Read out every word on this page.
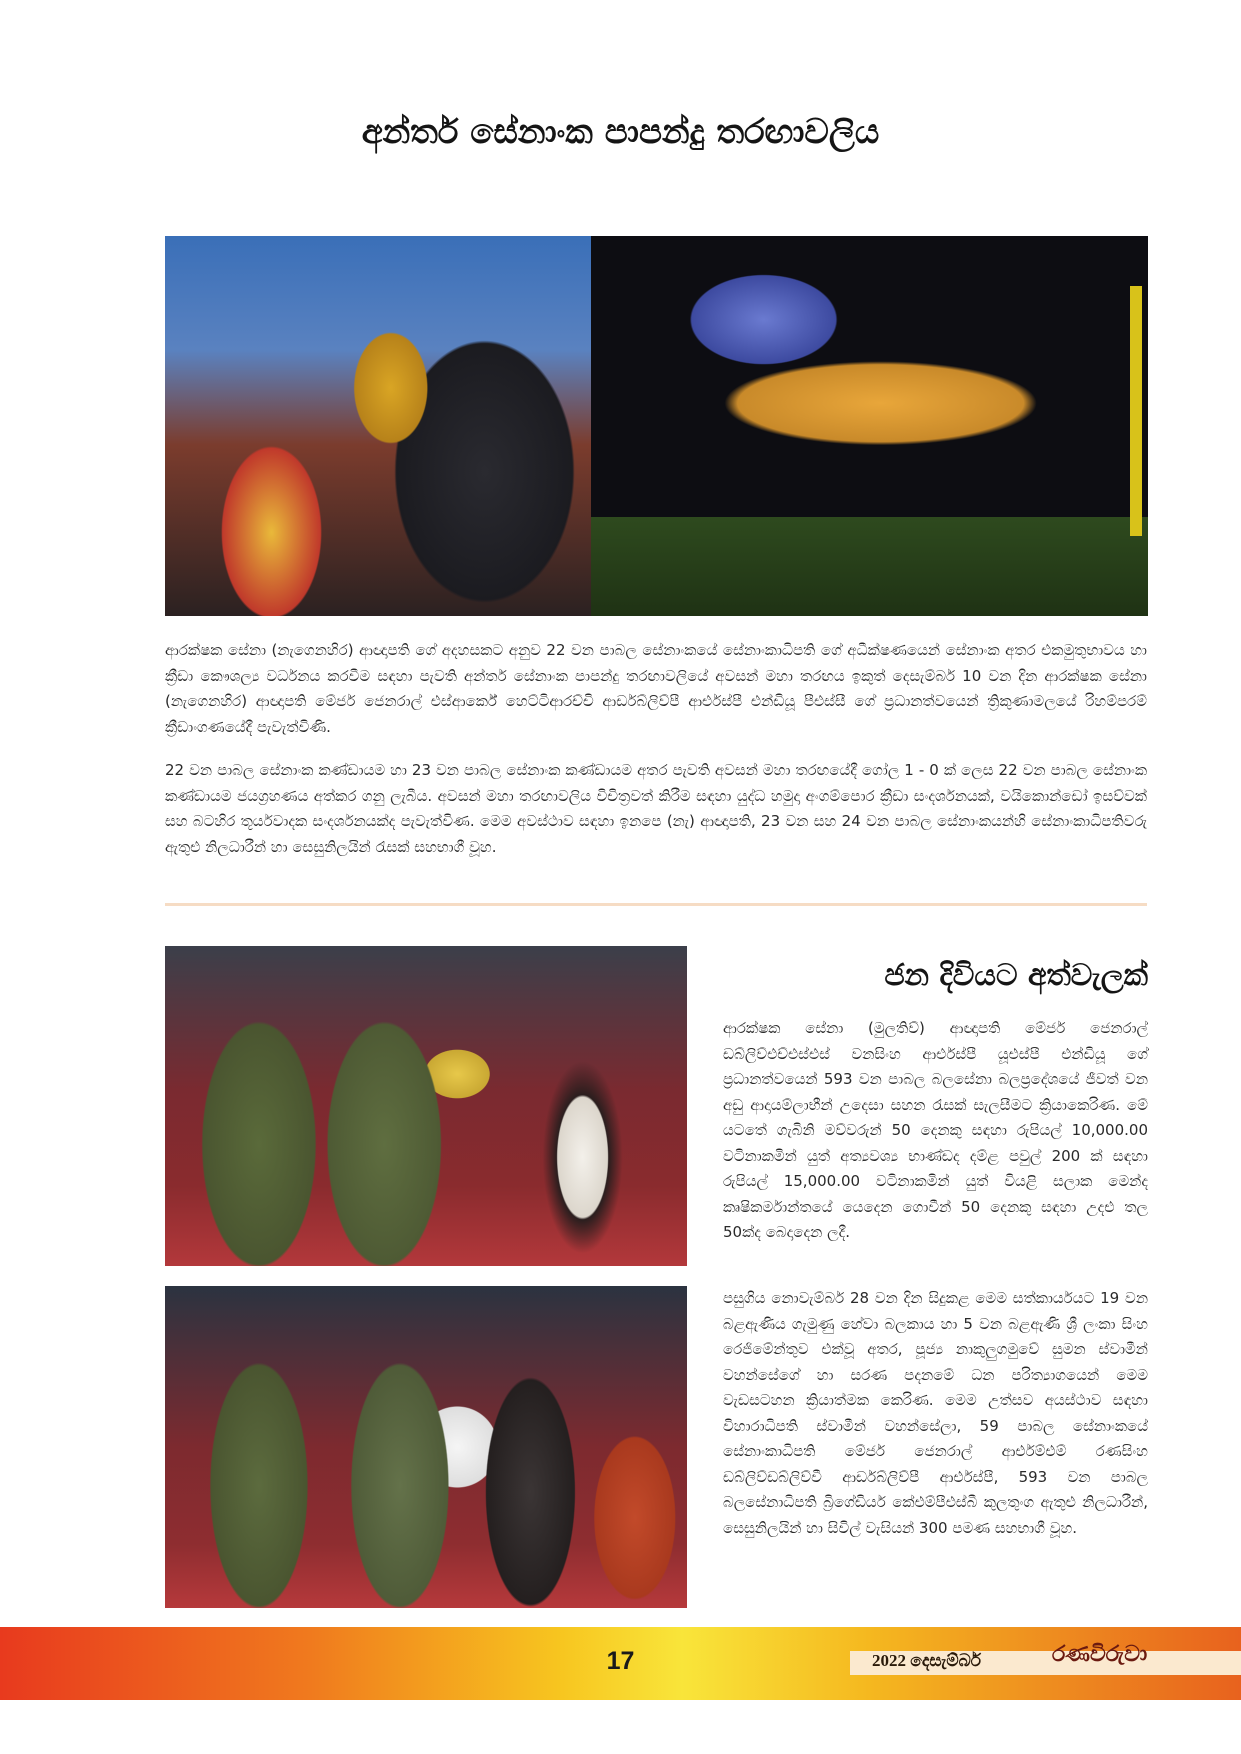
අන්තර් සේනාංක පාපන්දු තරඟාවලිය

ආරක්ෂක සේනා (නැගෙනහිර) ආඥාපති ගේ අදහසකට අනුව 22 වන පාබල සේනාංකයේ සේනාංකාධිපති ගේ අධීක්ෂණයෙන් සේනාංක අතර එකමුතුභාවය හා ක්‍රීඩා කෞශල්‍ය වර්ධනය කරවීම සඳහා පැවති අන්තර් සේනාංක පාපන්දු තරඟාවලියේ අවසන් මහා තරඟය ඉකුත් දෙසැම්බර් 10 වන දින ආරක්ෂක සේනා (නැගෙනහිර) ආඥාපති මේජර් ජෙනරාල් එස්ආර්කේ හෙට්ටිආරච්චි ආර්ඩබ්ලිව්පී ආර්එස්පී එන්ඩියූ පීඑස්සී ගේ ප්‍රධානත්වයෙන් ත්‍රිකුණාමලයේ රිහම්පරම් ක්‍රීඩාංගණයේදී පැවැත්විණි.

22 වන පාබල සේනාංක කණ්ඩායම හා 23 වන පාබල සේනාංක කණ්ඩායම අතර පැවති අවසන් මහා තරඟයේදී ගෝල 1 - 0 ක් ලෙස 22 වන පාබල සේනාංක කණ්ඩායම ජයග්‍රහණය අත්කර ගනු ලැබීය. අවසන් මහා තරඟාවලිය විචිත්‍රවත් කිරීම සඳහා යුද්ධ හමුදා අංගම්පොර ක්‍රීඩා සංදර්ශනයක්, වයිකොන්ඩෝ ඉසව්වක් සහ බටහිර තූර්යවාදක සංදර්ශනයක්ද පැවැත්විණ. මෙම අවස්ථාව සඳහා ඉනපෙ (නැ) ආඥාපති, 23 වන සහ 24 වන පාබල සේනාංකයන්හි සේනාංකාධිපතිවරු ඇතුළු නිලධාරීන් හා සෙසුනිලයින් රැසක් සහභාගී වූහ.

ජන දිවියට අත්වැලක්

ආරක්ෂක සේනා (මුලතිව්) ආඥාපති මේජර් ජෙනරාල් ඩබ්ලිව්එච්එස්එස් වනසිංහ ආර්එස්පී යූඑස්පී එන්ඩියූ ගේ ප්‍රධානත්වයෙන් 593 වන පාබල බලසේනා බලප්‍රදේශයේ ජීවත් වන අඩු ආදායම්ලාභීන් උදෙසා සහන රැසක් සැලසීමට ක්‍රියාකෙරිණ. මේ යටතේ ගැබිනි මව්වරුන් 50 දෙනකු සඳහා රුපියල් 10,000.00 වටිනාකමින් යුත් අත්‍යවශ්‍ය භාණ්ඩද දම්ළ පවුල් 200 ක් සඳහා රුපියල් 15,000.00 වටිනාකමින් යුත් වියළි සලාක මෙන්ද කෘෂිකර්මාන්තයේ යෙදෙන ගොවීන් 50 දෙනකු සඳහා උදළු තල 50ක්ද බෙදාදෙන ලදී.

පසුගිය නොවැම්බර් 28 වන දින සිදුකළ මෙම සත්කාර්යයට 19 වන බළඇණිය ගැමුණු හේවා බලකාය හා 5 වන බළඇණි ශ්‍රී ලංකා සිංහ රෙජිමේන්තුව එක්වූ අතර, පූජ්‍ය නාකුලුගමුවේ සුමන ස්වාමීන් වහන්සේගේ හා සරණ පදනමේ ධන පරිත්‍යාගයෙන් මෙම වැඩසටහන ක්‍රියාත්මක කෙරිණ. මෙම උත්සව අයස්ථාව සඳහා විහාරාධිපති ස්වාමීන් වහන්සේලා, 59 පාබල සේනාංකයේ සේනාංකාධිපති මේජර් ජෙනරාල් ආර්එම්එම් රණසිංහ ඩබ්ලිව්ඩබ්ලිව්වී ආර්ඩබ්ලිව්පී ආර්එස්පී, 593 වන පාබල බලසේනාධිපති බ්‍රිගේඩියර් කේඑම්පීඑස්බී කුලතුංග ඇතුළු නිලධාරීන්, සෙසුනිලයින් හා සිවිල් වැසියන් 300 පමණ සහභාගී වූහ.

17	2022 දෙසැම්බර්	රණවිරුවා
